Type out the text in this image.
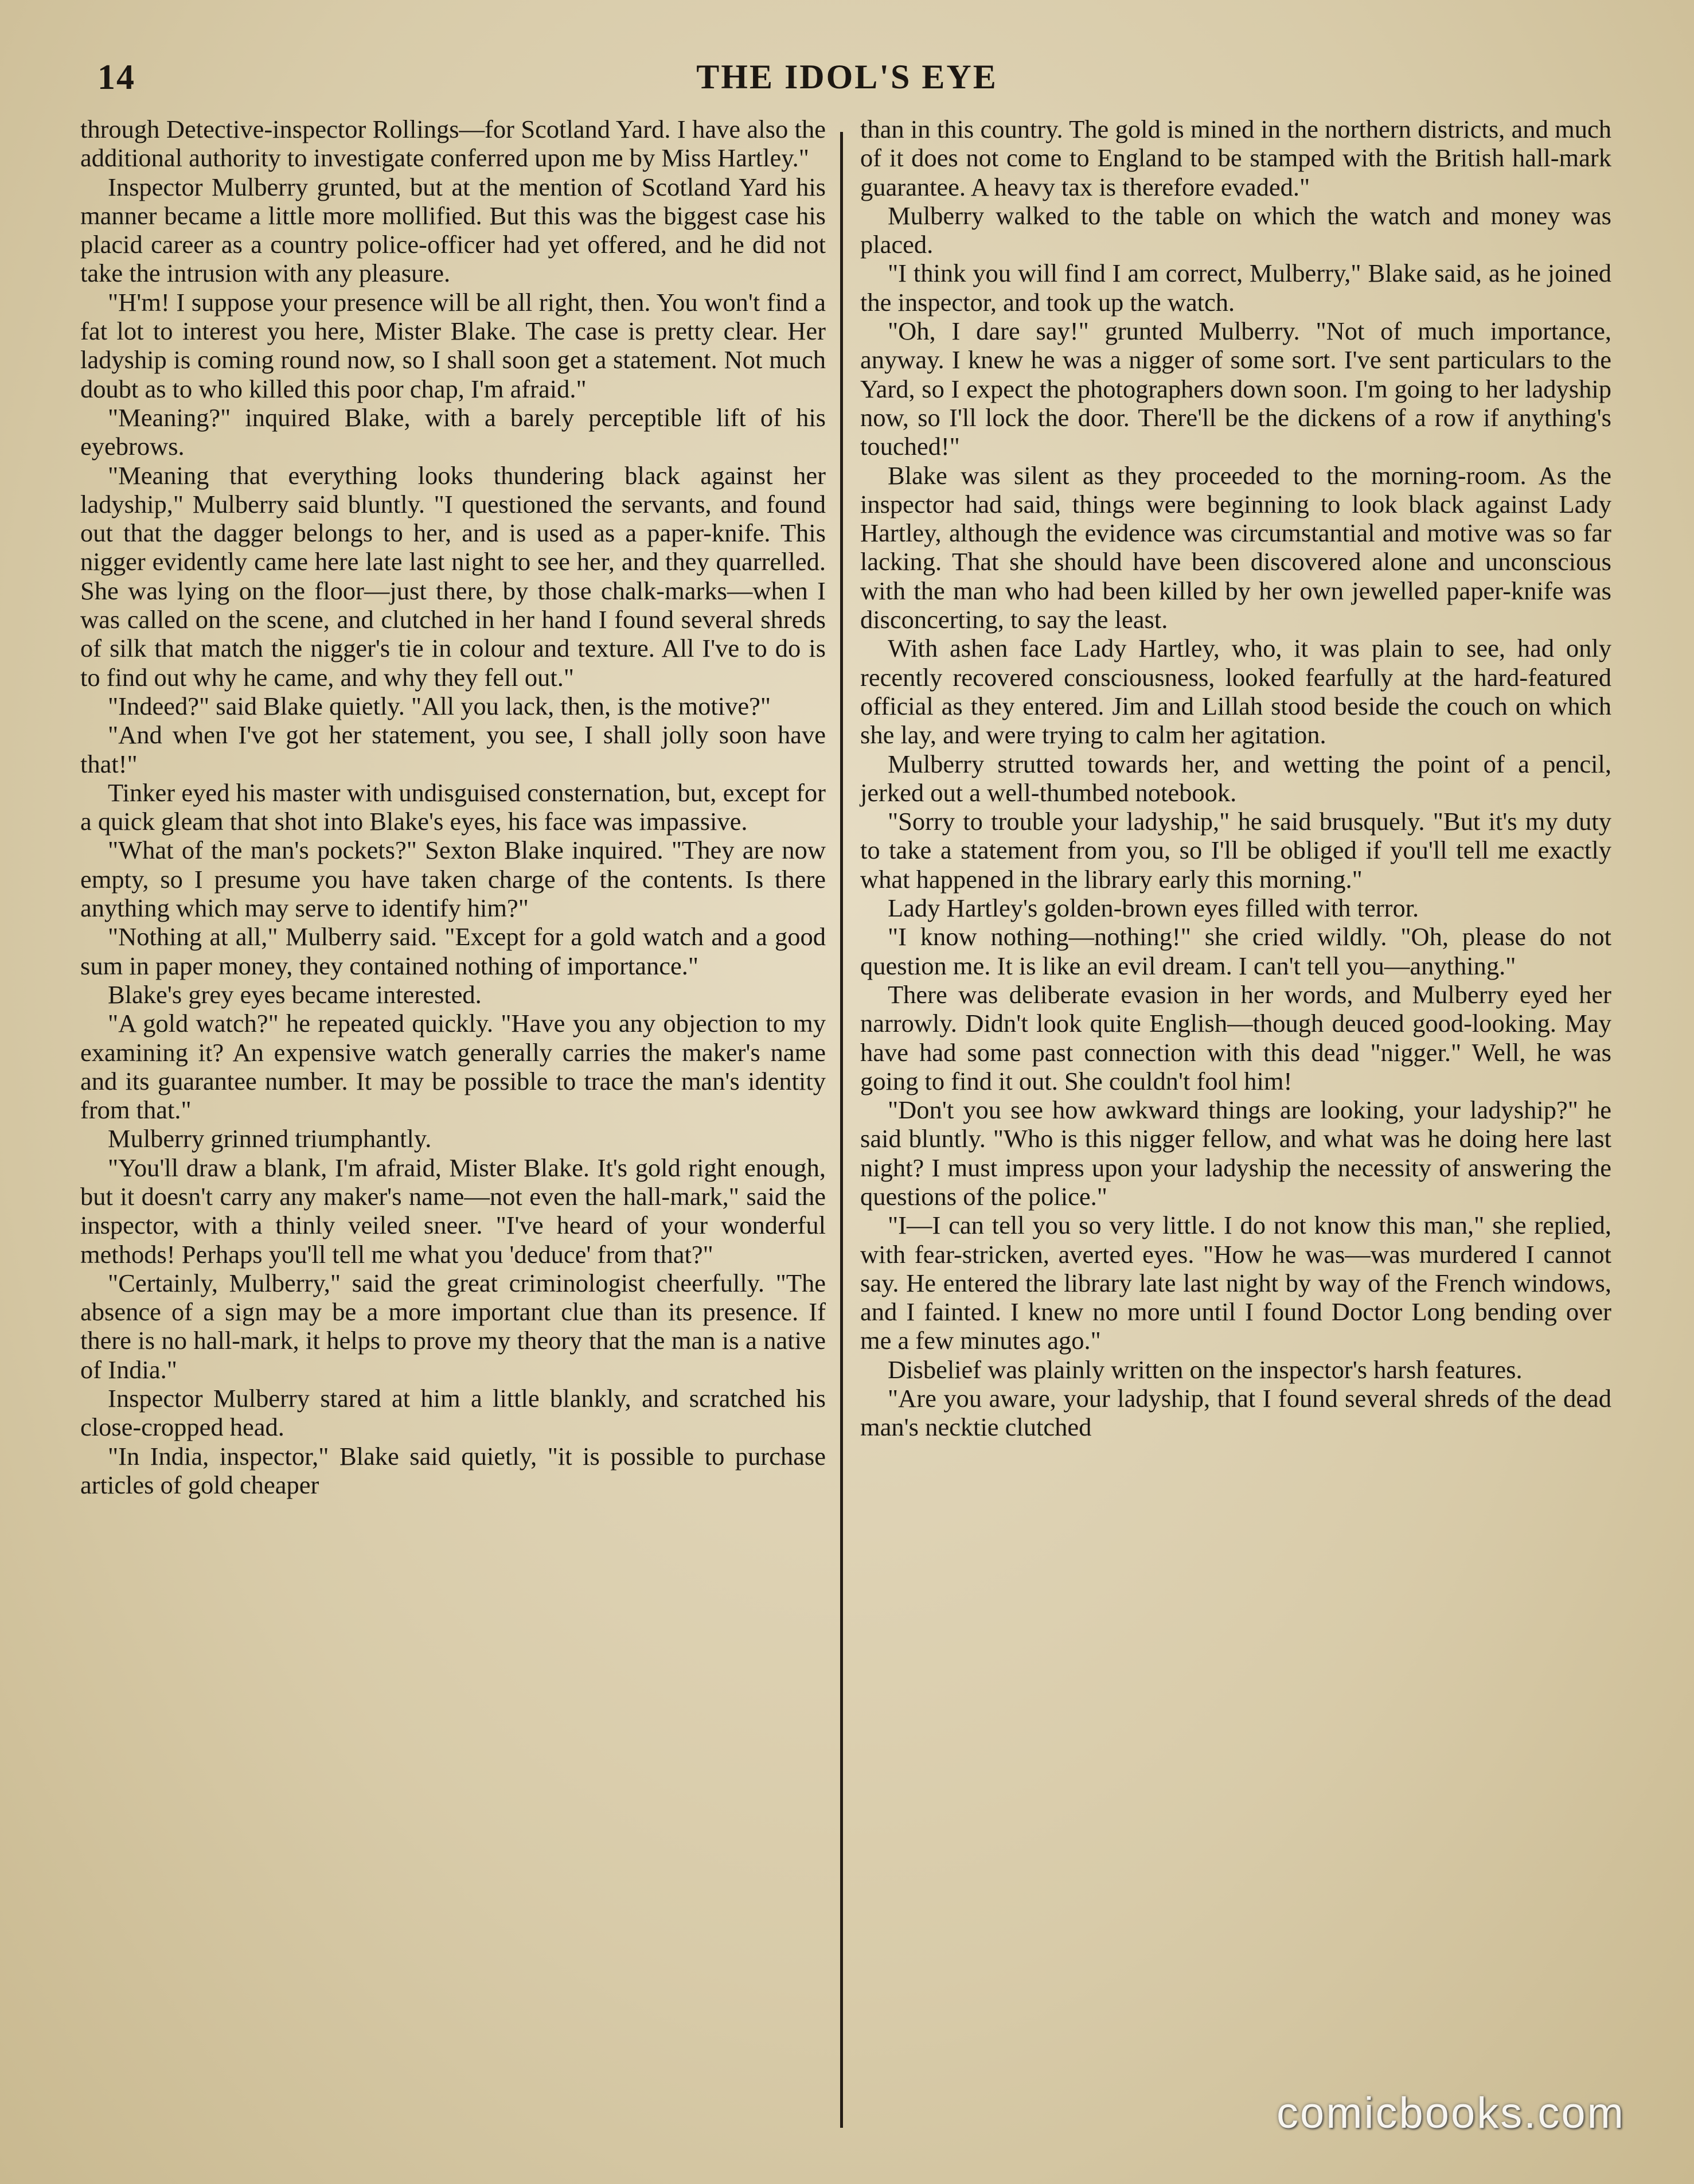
14	THE IDOL'S EYE

through Detective-inspector Rollings—for Scotland Yard. I have also the additional authority to investigate conferred upon me by Miss Hartley."

Inspector Mulberry grunted, but at the mention of Scotland Yard his manner became a little more mollified. But this was the biggest case his placid career as a country police-officer had yet offered, and he did not take the intrusion with any pleasure.

"H'm! I suppose your presence will be all right, then. You won't find a fat lot to interest you here, Mister Blake. The case is pretty clear. Her ladyship is coming round now, so I shall soon get a statement. Not much doubt as to who killed this poor chap, I'm afraid."

"Meaning?" inquired Blake, with a barely perceptible lift of his eyebrows.

"Meaning that everything looks thundering black against her ladyship," Mulberry said bluntly. "I questioned the servants, and found out that the dagger belongs to her, and is used as a paper-knife. This nigger evidently came here late last night to see her, and they quarrelled. She was lying on the floor—just there, by those chalk-marks—when I was called on the scene, and clutched in her hand I found several shreds of silk that match the nigger's tie in colour and texture. All I've to do is to find out why he came, and why they fell out."

"Indeed?" said Blake quietly. "All you lack, then, is the motive?"

"And when I've got her statement, you see, I shall jolly soon have that!"

Tinker eyed his master with undisguised consternation, but, except for a quick gleam that shot into Blake's eyes, his face was impassive.

"What of the man's pockets?" Sexton Blake inquired. "They are now empty, so I presume you have taken charge of the contents. Is there anything which may serve to identify him?"

"Nothing at all," Mulberry said. "Except for a gold watch and a good sum in paper money, they contained nothing of importance."

Blake's grey eyes became interested.

"A gold watch?" he repeated quickly. "Have you any objection to my examining it? An expensive watch generally carries the maker's name and its guarantee number. It may be possible to trace the man's identity from that."

Mulberry grinned triumphantly.

"You'll draw a blank, I'm afraid, Mister Blake. It's gold right enough, but it doesn't carry any maker's name—not even the hall-mark," said the inspector, with a thinly veiled sneer. "I've heard of your wonderful methods! Perhaps you'll tell me what you 'deduce' from that?"

"Certainly, Mulberry," said the great criminologist cheerfully. "The absence of a sign may be a more important clue than its presence. If there is no hall-mark, it helps to prove my theory that the man is a native of India."

Inspector Mulberry stared at him a little blankly, and scratched his close-cropped head.

"In India, inspector," Blake said quietly, "it is possible to purchase articles of gold cheaper

than in this country. The gold is mined in the northern districts, and much of it does not come to England to be stamped with the British hall-mark guarantee. A heavy tax is therefore evaded."

Mulberry walked to the table on which the watch and money was placed.

"I think you will find I am correct, Mulberry," Blake said, as he joined the inspector, and took up the watch.

"Oh, I dare say!" grunted Mulberry. "Not of much importance, anyway. I knew he was a nigger of some sort. I've sent particulars to the Yard, so I expect the photographers down soon. I'm going to her ladyship now, so I'll lock the door. There'll be the dickens of a row if anything's touched!"

Blake was silent as they proceeded to the morning-room. As the inspector had said, things were beginning to look black against Lady Hartley, although the evidence was circumstantial and motive was so far lacking. That she should have been discovered alone and unconscious with the man who had been killed by her own jewelled paper-knife was disconcerting, to say the least.

With ashen face Lady Hartley, who, it was plain to see, had only recently recovered consciousness, looked fearfully at the hard-featured official as they entered. Jim and Lillah stood beside the couch on which she lay, and were trying to calm her agitation.

Mulberry strutted towards her, and wetting the point of a pencil, jerked out a well-thumbed notebook.

"Sorry to trouble your ladyship," he said brusquely. "But it's my duty to take a statement from you, so I'll be obliged if you'll tell me exactly what happened in the library early this morning."

Lady Hartley's golden-brown eyes filled with terror.

"I know nothing—nothing!" she cried wildly. "Oh, please do not question me. It is like an evil dream. I can't tell you—anything."

There was deliberate evasion in her words, and Mulberry eyed her narrowly. Didn't look quite English—though deuced good-looking. May have had some past connection with this dead "nigger." Well, he was going to find it out. She couldn't fool him!

"Don't you see how awkward things are looking, your ladyship?" he said bluntly. "Who is this nigger fellow, and what was he doing here last night? I must impress upon your ladyship the necessity of answering the questions of the police."

"I—I can tell you so very little. I do not know this man," she replied, with fear-stricken, averted eyes. "How he was—was murdered I cannot say. He entered the library late last night by way of the French windows, and I fainted. I knew no more until I found Doctor Long bending over me a few minutes ago."

Disbelief was plainly written on the inspector's harsh features.

"Are you aware, your ladyship, that I found several shreds of the dead man's necktie clutched

comicbooks.com
